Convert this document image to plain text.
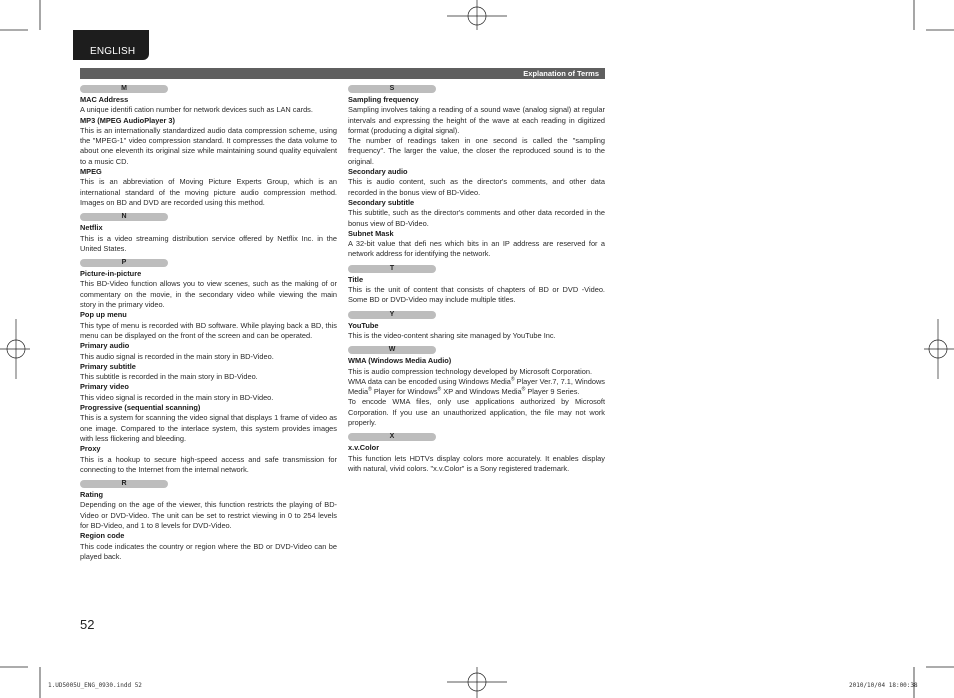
ENGLISH
Explanation of Terms
M

MAC Address

A unique identifi cation number for network devices such as LAN cards.

MP3 (MPEG AudioPlayer 3)

This is an internationally standardized audio data compression scheme, using the "MPEG-1" video compression standard. It compresses the data volume to about one eleventh its original size while maintaining sound quality equivalent to a music CD.

MPEG

This is an abbreviation of Moving Picture Experts Group, which is an international standard of the moving picture audio compression method. Images on BD and DVD are recorded using this method.

N

Netflix

This is a video streaming distribution service offered by Netflix Inc. in the United States.

P

Picture-in-picture

This BD-Video function allows you to view scenes, such as the making of or commentary on the movie, in the secondary video while viewing the main story in the primary video.

Pop up menu

This type of menu is recorded with BD software. While playing back a BD, this menu can be displayed on the front of the screen and can be operated.

Primary audio

This audio signal is recorded in the main story in BD-Video.

Primary subtitle

This subtitle is recorded in the main story in BD-Video.

Primary video

This video signal is recorded in the main story in BD-Video.

Progressive (sequential scanning)

This is a system for scanning the video signal that displays 1 frame of video as one image. Compared to the interlace system, this system provides images with less flickering and bleeding.

Proxy

This is a hookup to secure high-speed access and safe transmission for connecting to the Internet from the internal network.

R

Rating

Depending on the age of the viewer, this function restricts the playing of BD-Video or DVD-Video. The unit can be set to restrict viewing in 0 to 254 levels for BD-Video, and 1 to 8 levels for DVD-Video.

Region code

This code indicates the country or region where the BD or DVD-Video can be played back.

S

Sampling frequency

Sampling involves taking a reading of a sound wave (analog signal) at regular intervals and expressing the height of the wave at each reading in digitized format (producing a digital signal).

The number of readings taken in one second is called the "sampling frequency". The larger the value, the closer the reproduced sound is to the original.

Secondary audio

This is audio content, such as the director's comments, and other data recorded in the bonus view of BD-Video.

Secondary subtitle

This subtitle, such as the director's comments and other data recorded in the bonus view of BD-Video.

Subnet Mask

A 32-bit value that defi nes which bits in an IP address are reserved for a network address for identifying the network.

T

Title

This is the unit of content that consists of chapters of BD or DVD -Video. Some BD or DVD-Video may include multiple titles.

Y

YouTube

This is the video-content sharing site managed by YouTube Inc.

W

WMA (Windows Media Audio)

This is audio compression technology developed by Microsoft Corporation.

WMA data can be encoded using Windows Media® Player Ver.7, 7.1, Windows Media® Player for Windows® XP and Windows Media® Player 9 Series.

To encode WMA files, only use applications authorized by Microsoft Corporation. If you use an unauthorized application, the file may not work properly.

X

x.v.Color

This function lets HDTVs display colors more accurately. It enables display with natural, vivid colors. "x.v.Color" is a Sony registered trademark.

52
1.UD5005U_ENG_0930.indd 52	2010/10/04 18:00:38
